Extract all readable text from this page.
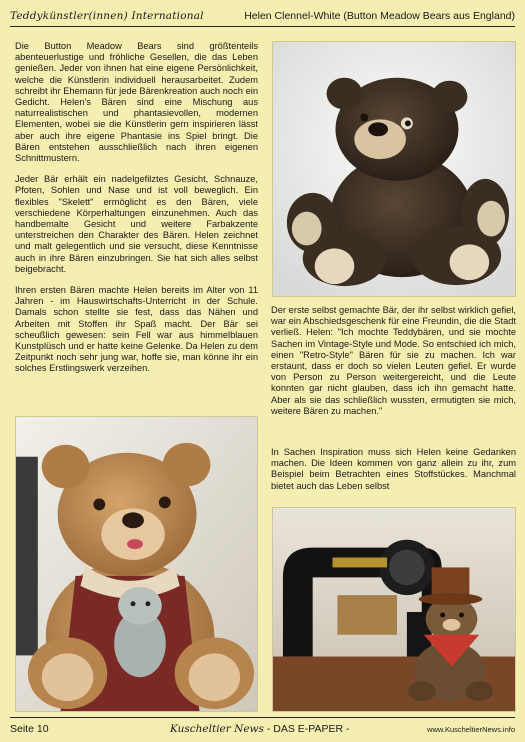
Teddykünstler(innen) International	Helen Clennel-White (Button Meadow Bears aus England)

Die Button Meadow Bears sind größtenteils abenteuerlustige und fröhliche Gesellen, die das Leben genießen. Jeder von ihnen hat eine eigene Persönlichkeit, welche die Künstlerin individuell herausarbeitet. Zudem schreibt ihr Ehemann für jede Bärenkreation auch noch ein Gedicht. Helen's Bären sind eine Mischung aus naturrealistischen und phantasievollen, modernen Elementen, wobei sie die Künstlerin gern inspirieren lässt aber auch ihre eigene Phantasie ins Spiel bringt. Die Bären entstehen ausschließlich nach ihren eigenen Schnittmustern.

Jeder Bär erhält ein nadelgefilztes Gesicht, Schnauze, Pfoten, Sohlen und Nase und ist voll beweglich. Ein flexibles "Skelett" ermöglicht es den Bären, viele verschiedene Körperhaltungen einzunehmen. Auch das handbemalte Gesicht und weitere Farbakzente unterstreichen den Charakter des Bären. Helen zeichnet und malt gelegentlich und sie versucht, diese Kenntnisse auch in ihre Bären einzubringen. Sie hat sich alles selbst beigebracht.

Ihren ersten Bären machte Helen bereits im Alter von 11 Jahren - im Hauswirtschafts-Unterricht in der Schule. Damals schon stellte sie fest, dass das Nähen und Arbeiten mit Stoffen ihr Spaß macht. Der Bär sei scheußlich gewesen: sein Fell war aus himmelblauen Kunstplüsch und er hatte keine Gelenke. Da Helen zu dem Zeitpunkt noch sehr jung war, hoffe sie, man könne ihr ein solches Erstlingswerk verzeihen.

Der erste selbst gemachte Bär, der ihr selbst wirklich gefiel, war ein Abschiedsgeschenk für eine Freundin, die die Stadt verließ. Helen: "Ich mochte Teddybären, und sie mochte Sachen im Vintage-Style und Mode. So entschied ich mich, einen "Retro-Style" Bären für sie zu machen. Ich war erstaunt, dass er doch so vielen Leuten gefiel. Er wurde von Person zu Person weitergereicht, und die Leute konnten gar nicht glauben, dass ich ihn gemacht hatte. Aber als sie das schließlich wussten, ermutigten sie mich, weitere Bären zu machen."

In Sachen Inspiration muss sich Helen keine Gedanken machen. Die Ideen kommen von ganz allein zu ihr, zum Beispiel beim Betrachten eines Stoffstückes. Manchmal bietet auch das Leben selbst

Seite 10	Kuscheltier News - DAS E-PAPER -	www.KuscheltierNews.info
